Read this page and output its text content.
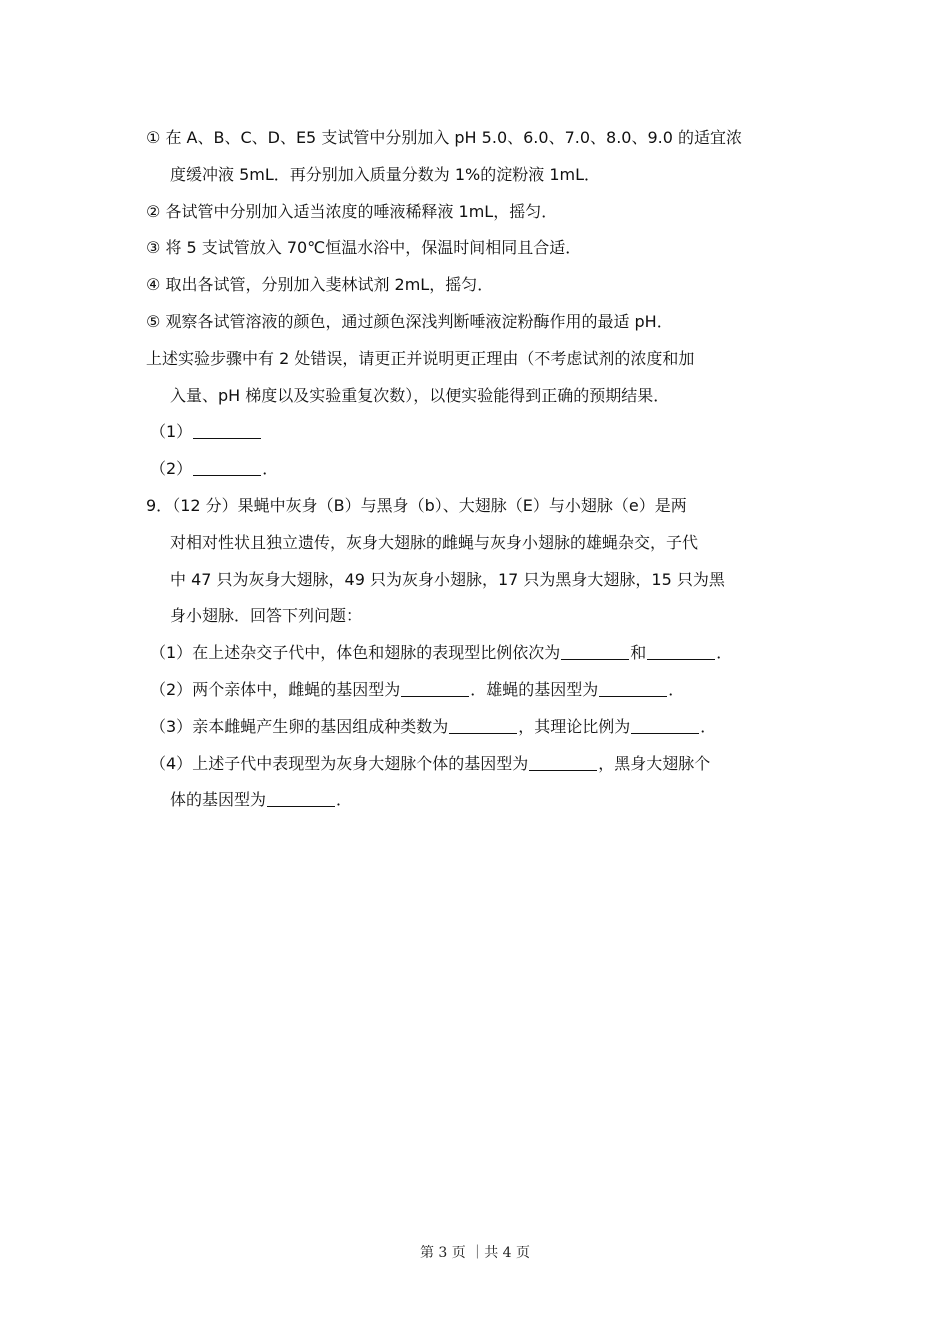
① 在 A、B、C、D、E5 支试管中分别加入 pH 5.0、6.0、7.0、8.0、9.0 的适宜浓

度缓冲液 5mL．再分别加入质量分数为 1%的淀粉液 1mL．

② 各试管中分别加入适当浓度的唾液稀释液 1mL，摇匀．

③ 将 5 支试管放入 70℃恒温水浴中，保温时间相同且合适．

④ 取出各试管，分别加入斐林试剂 2mL，摇匀．

⑤ 观察各试管溶液的颜色，通过颜色深浅判断唾液淀粉酶作用的最适 pH．

上述实验步骤中有 2 处错误，请更正并说明更正理由（不考虑试剂的浓度和加

入量、pH 梯度以及实验重复次数），以便实验能得到正确的预期结果．

（1）

（2）	．

9．（12 分）果蝇中灰身（B）与黑身（b）、大翅脉（E）与小翅脉（e）是两

对相对性状且独立遗传，灰身大翅脉的雌蝇与灰身小翅脉的雄蝇杂交，子代

中 47 只为灰身大翅脉，49 只为灰身小翅脉，17 只为黑身大翅脉，15 只为黑

身小翅脉．回答下列问题：

（1）在上述杂交子代中，体色和翅脉的表现型比例依次为	和	．

（2）两个亲体中，雌蝇的基因型为	．雄蝇的基因型为	．

（3）亲本雌蝇产生卵的基因组成种类数为	，其理论比例为	．

（4）上述子代中表现型为灰身大翅脉个体的基因型为	，黑身大翅脉个

体的基因型为	．

第 3 页 ｜共 4 页
